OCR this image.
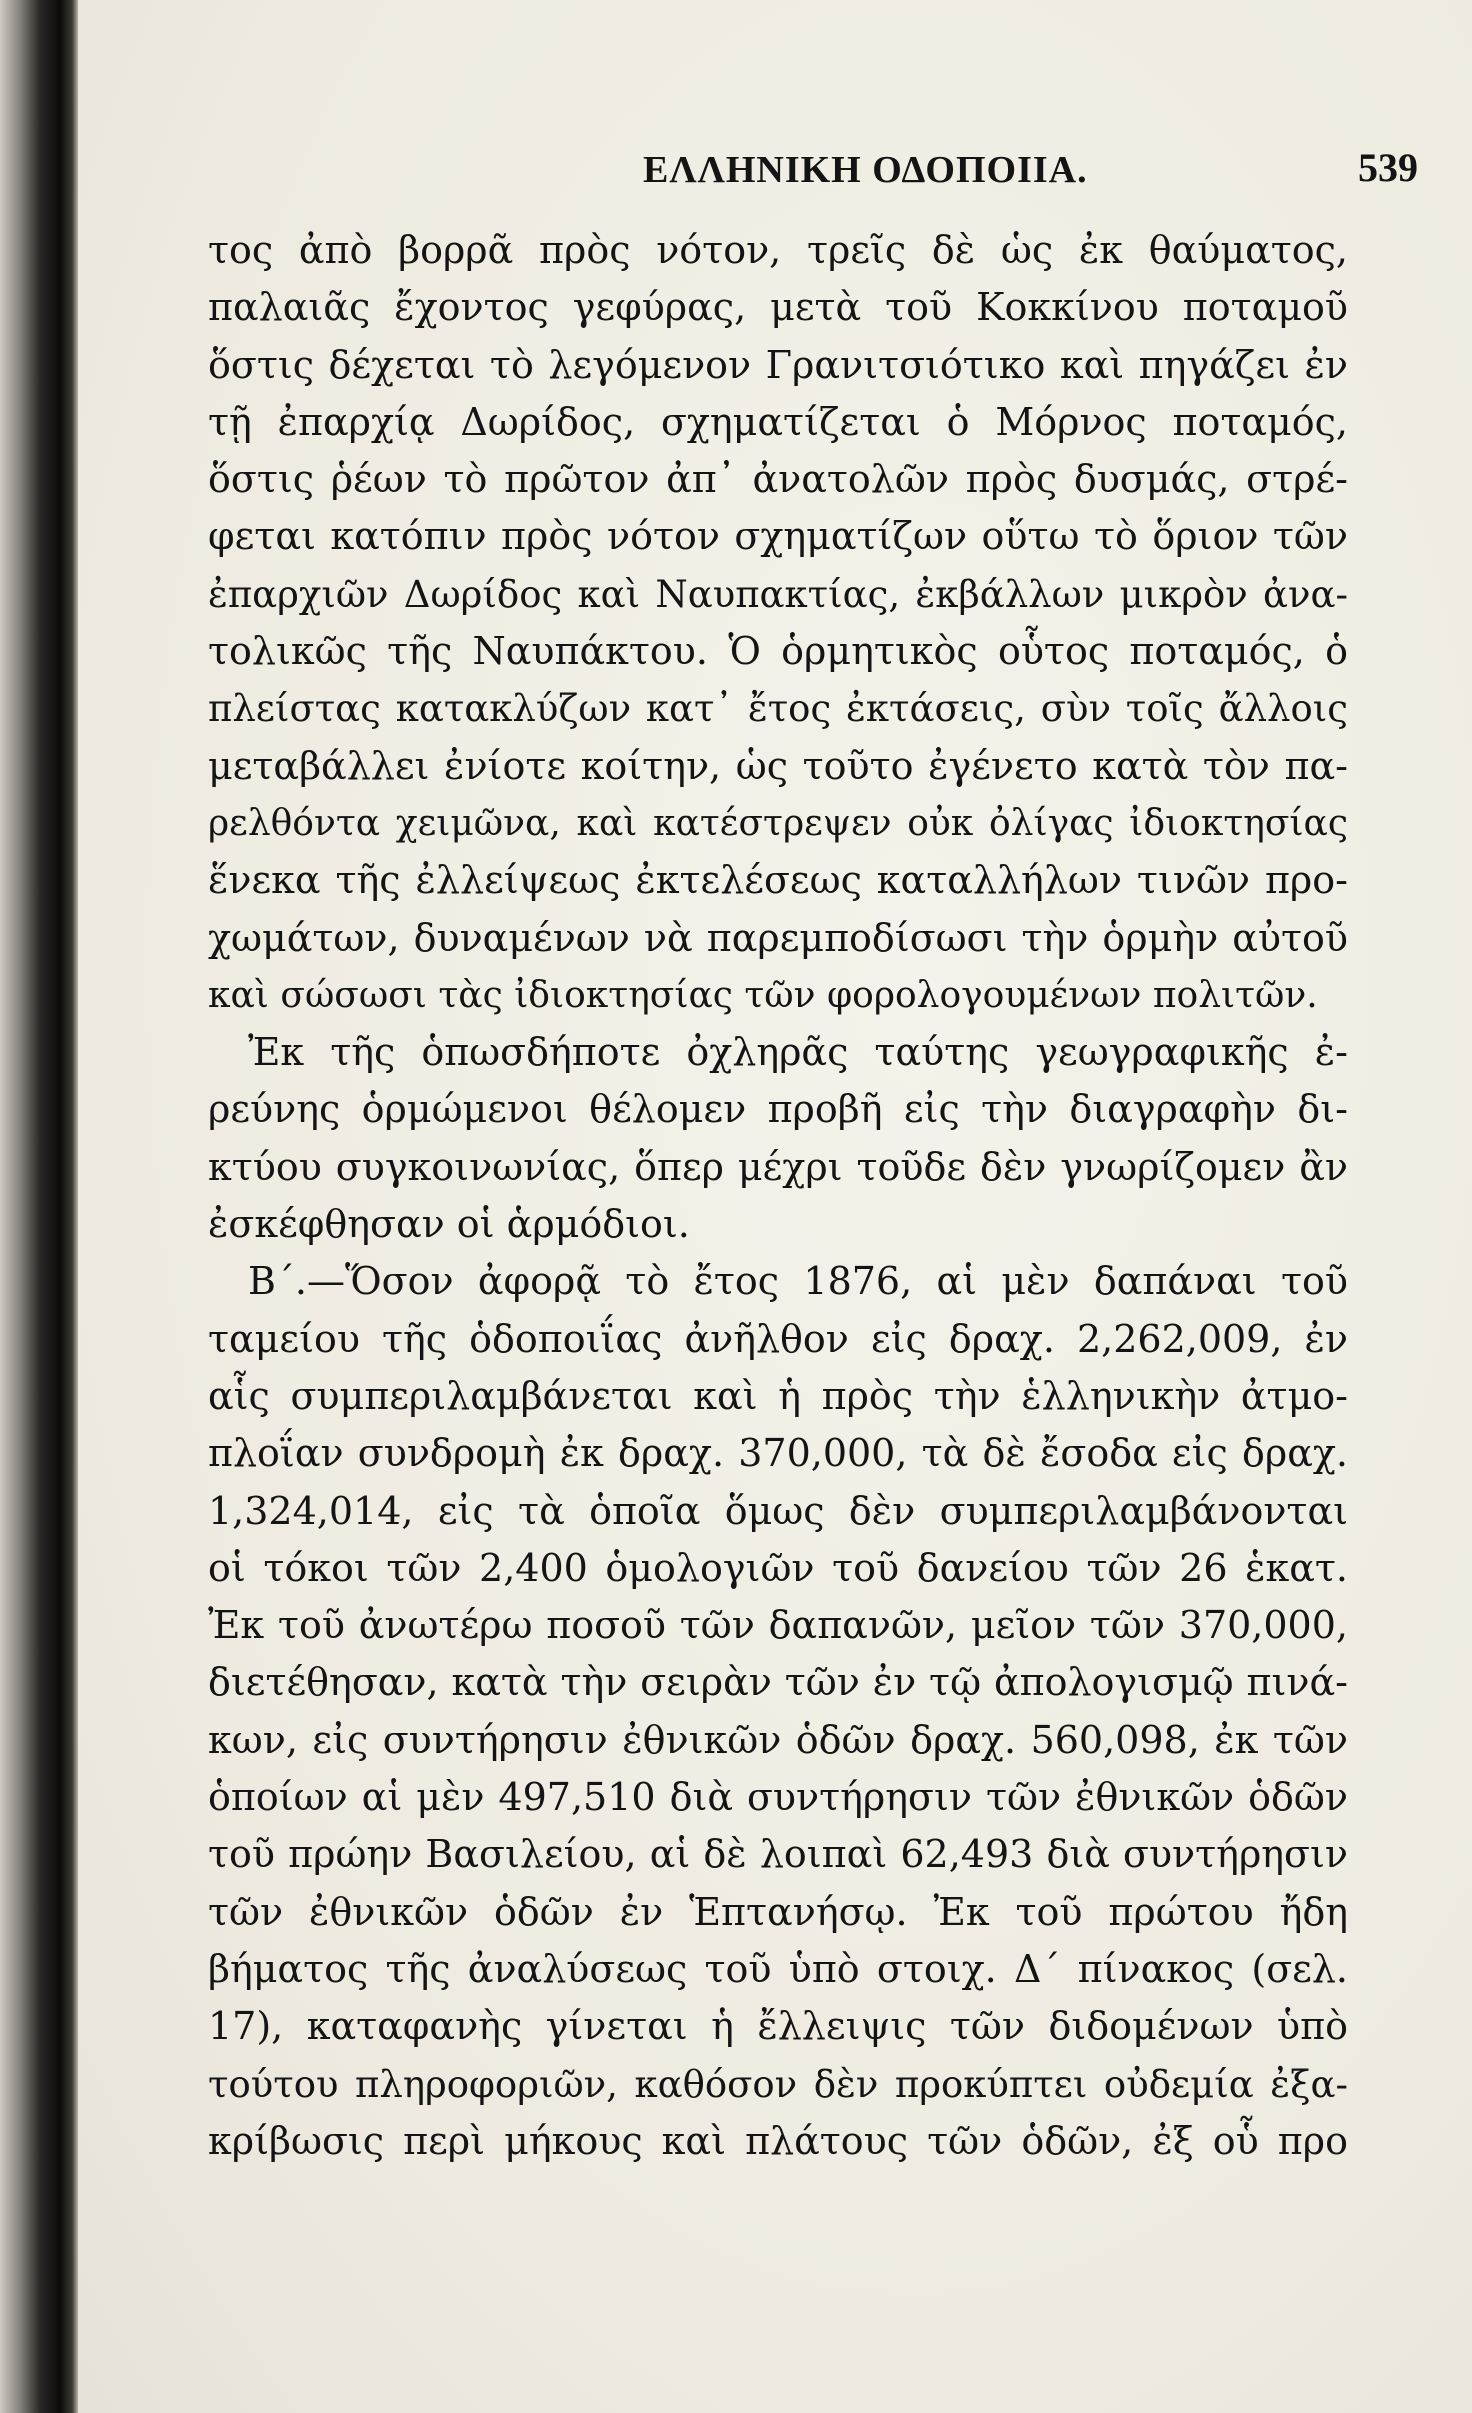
ΕΛΛΗΝΙΚΗ ΟΔΟΠΟΙΙΑ.	539
τος ἀπὸ βορρᾶ πρὸς νότον, τρεῖς δὲ ὡς ἐκ θαύματος,
παλαιᾶς ἔχοντος γεφύρας, μετὰ τοῦ Κοκκίνου ποταμοῦ
ὅστις δέχεται τὸ λεγόμενον Γρανιτσιότικο καὶ πηγάζει ἐν
τῇ ἐπαρχίᾳ Δωρίδος, σχηματίζεται ὁ Μόρνος ποταμός,
ὅστις ῥέων τὸ πρῶτον ἀπ᾽ ἀνατολῶν πρὸς δυσμάς, στρέ-
φεται κατόπιν πρὸς νότον σχηματίζων οὕτω τὸ ὅριον τῶν
ἐπαρχιῶν Δωρίδος καὶ Ναυπακτίας, ἐκβάλλων μικρὸν ἀνα-
τολικῶς τῆς Ναυπάκτου. Ὁ ὁρμητικὸς οὗτος ποταμός, ὁ
πλείστας κατακλύζων κατ᾽ ἔτος ἐκτάσεις, σὺν τοῖς ἄλλοις
μεταβάλλει ἐνίοτε κοίτην, ὡς τοῦτο ἐγένετο κατὰ τὸν πα-
ρελθόντα χειμῶνα, καὶ κατέστρεψεν οὐκ ὀλίγας ἰδιοκτησίας
ἕνεκα τῆς ἐλλείψεως ἐκτελέσεως καταλλήλων τινῶν προ-
χωμάτων, δυναμένων νὰ παρεμποδίσωσι τὴν ὁρμὴν αὐτοῦ
καὶ σώσωσι τὰς ἰδιοκτησίας τῶν φορολογουμένων πολιτῶν.
Ἐκ τῆς ὁπωσδήποτε ὀχληρᾶς ταύτης γεωγραφικῆς ἐ-
ρεύνης ὁρμώμενοι θέλομεν προβῆ εἰς τὴν διαγραφὴν δι-
κτύου συγκοινωνίας, ὅπερ μέχρι τοῦδε δὲν γνωρίζομεν ἂν
ἐσκέφθησαν οἱ ἁρμόδιοι.
Β΄.—Ὅσον ἀφορᾷ τὸ ἔτος 1876, αἱ μὲν δαπάναι τοῦ
ταμείου τῆς ὁδοποιΐας ἀνῆλθον εἰς δραχ. 2,262,009, ἐν
αἷς συμπεριλαμβάνεται καὶ ἡ πρὸς τὴν ἑλληνικὴν ἀτμο-
πλοΐαν συνδρομὴ ἐκ δραχ. 370,000, τὰ δὲ ἔσοδα εἰς δραχ.
1,324,014, εἰς τὰ ὁποῖα ὅμως δὲν συμπεριλαμβάνονται
οἱ τόκοι τῶν 2,400 ὁμολογιῶν τοῦ δανείου τῶν 26 ἑκατ.
Ἐκ τοῦ ἀνωτέρω ποσοῦ τῶν δαπανῶν, μεῖον τῶν 370,000,
διετέθησαν, κατὰ τὴν σειρὰν τῶν ἐν τῷ ἀπολογισμῷ πινά-
κων, εἰς συντήρησιν ἐθνικῶν ὁδῶν δραχ. 560,098, ἐκ τῶν
ὁποίων αἱ μὲν 497,510 διὰ συντήρησιν τῶν ἐθνικῶν ὁδῶν
τοῦ πρώην Βασιλείου, αἱ δὲ λοιπαὶ 62,493 διὰ συντήρησιν
τῶν ἐθνικῶν ὁδῶν ἐν Ἑπτανήσῳ. Ἐκ τοῦ πρώτου ἤδη
βήματος τῆς ἀναλύσεως τοῦ ὑπὸ στοιχ. Δ΄ πίνακος (σελ.
17), καταφανὴς γίνεται ἡ ἔλλειψις τῶν διδομένων ὑπὸ
τούτου πληροφοριῶν, καθόσον δὲν προκύπτει οὐδεμία ἐξα-
κρίβωσις περὶ μήκους καὶ πλάτους τῶν ὁδῶν, ἐξ οὗ προ
